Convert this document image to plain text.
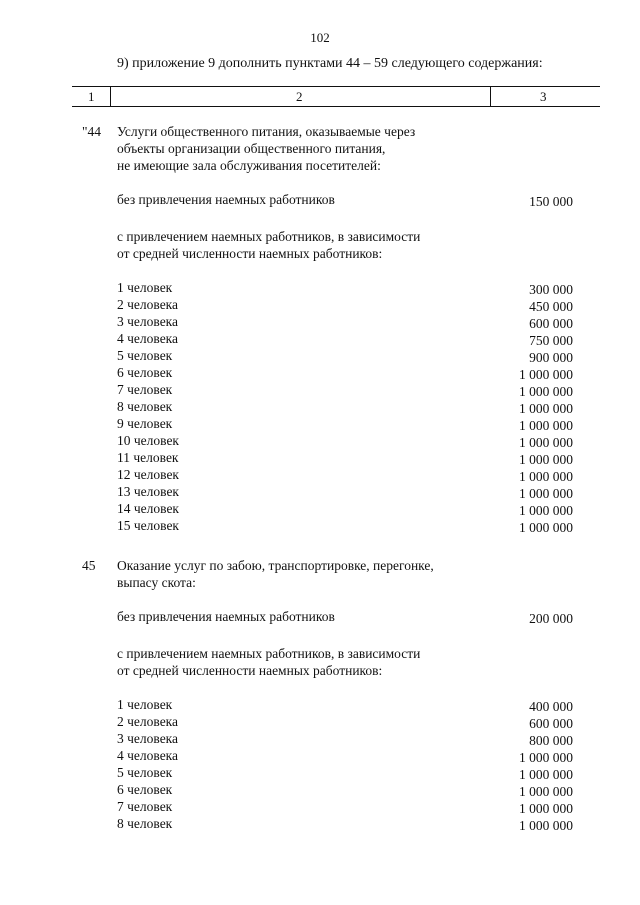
102
9) приложение 9 дополнить пунктами 44 – 59 следующего содержания:
1	2	3
"44 Услуги общественного питания, оказываемые через
объекты организации общественного питания,
не имеющие зала обслуживания посетителей:
без привлечения наемных работников	150 000
с привлечением наемных работников, в зависимости
от средней численности наемных работников:
1 человек	300 000
2 человека	450 000
3 человека	600 000
4 человека	750 000
5 человек	900 000
6 человек	1 000 000
7 человек	1 000 000
8 человек	1 000 000
9 человек	1 000 000
10 человек	1 000 000
11 человек	1 000 000
12 человек	1 000 000
13 человек	1 000 000
14 человек	1 000 000
15 человек	1 000 000
45 Оказание услуг по забою, транспортировке, перегонке,
выпасу скота:
без привлечения наемных работников	200 000
с привлечением наемных работников, в зависимости
от средней численности наемных работников:
1 человек	400 000
2 человека	600 000
3 человека	800 000
4 человека	1 000 000
5 человек	1 000 000
6 человек	1 000 000
7 человек	1 000 000
8 человек	1 000 000
